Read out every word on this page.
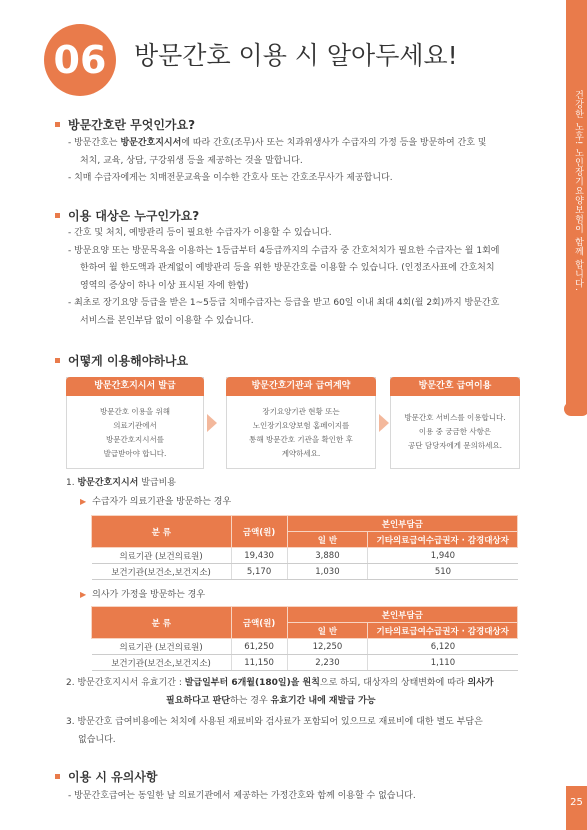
건강한 노후! 노인장기요양보험이 함께 합니다.
25
06	방문간호 이용 시 알아두세요!
방문간호란 무엇인가요?

- 방문간호는 방문간호지시서에 따라 간호(조무)사 또는 치과위생사가 수급자의 가정 등을 방문하여 간호 및

처치, 교육, 상담, 구강위생 등을 제공하는 것을 말합니다.

- 치매 수급자에게는 치매전문교육을 이수한 간호사 또는 간호조무사가 제공합니다.

이용 대상은 누구인가요?

- 간호 및 처치, 예방관리 등이 필요한 수급자가 이용할 수 있습니다.

- 방문요양 또는 방문목욕을 이용하는 1등급부터 4등급까지의 수급자 중 간호처치가 필요한 수급자는 월 1회에

한하여 월 한도액과 관계없이 예방관리 등을 위한 방문간호를 이용할 수 있습니다. (인정조사표에 간호처치

영역의 증상이 하나 이상 표시된 자에 한함)

- 최초로 장기요양 등급을 받은 1~5등급 치매수급자는 등급을 받고 60일 이내 최대 4회(월 2회)까지 방문간호

서비스를 본인부담 없이 이용할 수 있습니다.

어떻게 이용해야하나요
방문간호지시서 발급
방문간호 이용을 위해
의료기관에서
방문간호지시서를
발급받아야 합니다.
방문간호기관과 급여계약
장기요양기관 현황 또는
노인장기요양보험 홈페이지를
통해 방문간호 기관을 확인한 후
계약하세요.
방문간호 급여이용
방문간호 서비스를 이용합니다.
이용 중 궁금한 사항은
공단 담당자에게 문의하세요.
1. 방문간호지시서 발급비용
▶ 수급자가 의료기관을 방문하는 경우
분 류	금액(원)	본인부담금	
		일 반	기타의료급여수급권자 · 감경대상자
의료기관 (보건의료원)	19,430	3,880	1,940
보건기관(보건소,보건지소)	5,170	1,030	510
▶ 의사가 가정을 방문하는 경우
분 류	금액(원)	본인부담금	
		일 반	기타의료급여수급권자 · 감경대상자
의료기관 (보건의료원)	61,250	12,250	6,120
보건기관(보건소,보건지소)	11,150	2,230	1,110

2. 방문간호지시서 유효기간 : 발급일부터 6개월(180일)을 원칙으로 하되, 대상자의 상태변화에 따라 의사가

필요하다고 판단하는 경우 유효기간 내에 재발급 가능

3. 방문간호 급여비용에는 처치에 사용된 재료비와 검사료가 포함되어 있으므로 재료비에 대한 별도 부담은

없습니다.

이용 시 유의사항

- 방문간호급여는 동일한 날 의료기관에서 제공하는 가정간호와 함께 이용할 수 없습니다.
